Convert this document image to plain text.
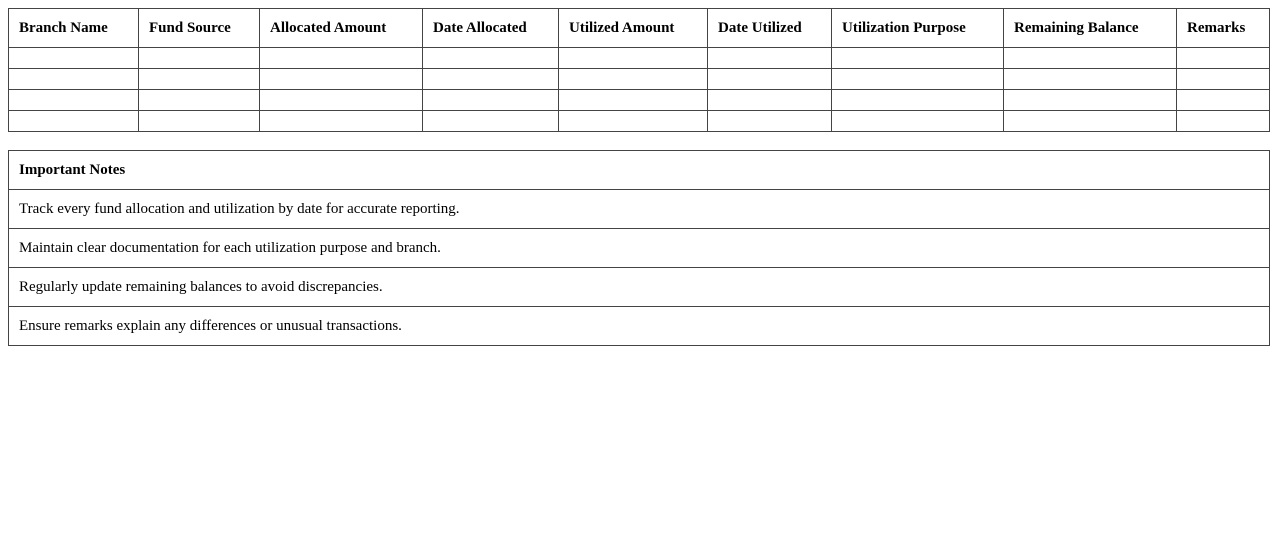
Branch Name	Fund Source	Allocated Amount	Date Allocated	Utilized Amount	Date Utilized	Utilization Purpose	Remaining Balance	Remarks

Important Notes
Track every fund allocation and utilization by date for accurate reporting.
Maintain clear documentation for each utilization purpose and branch.
Regularly update remaining balances to avoid discrepancies.
Ensure remarks explain any differences or unusual transactions.
